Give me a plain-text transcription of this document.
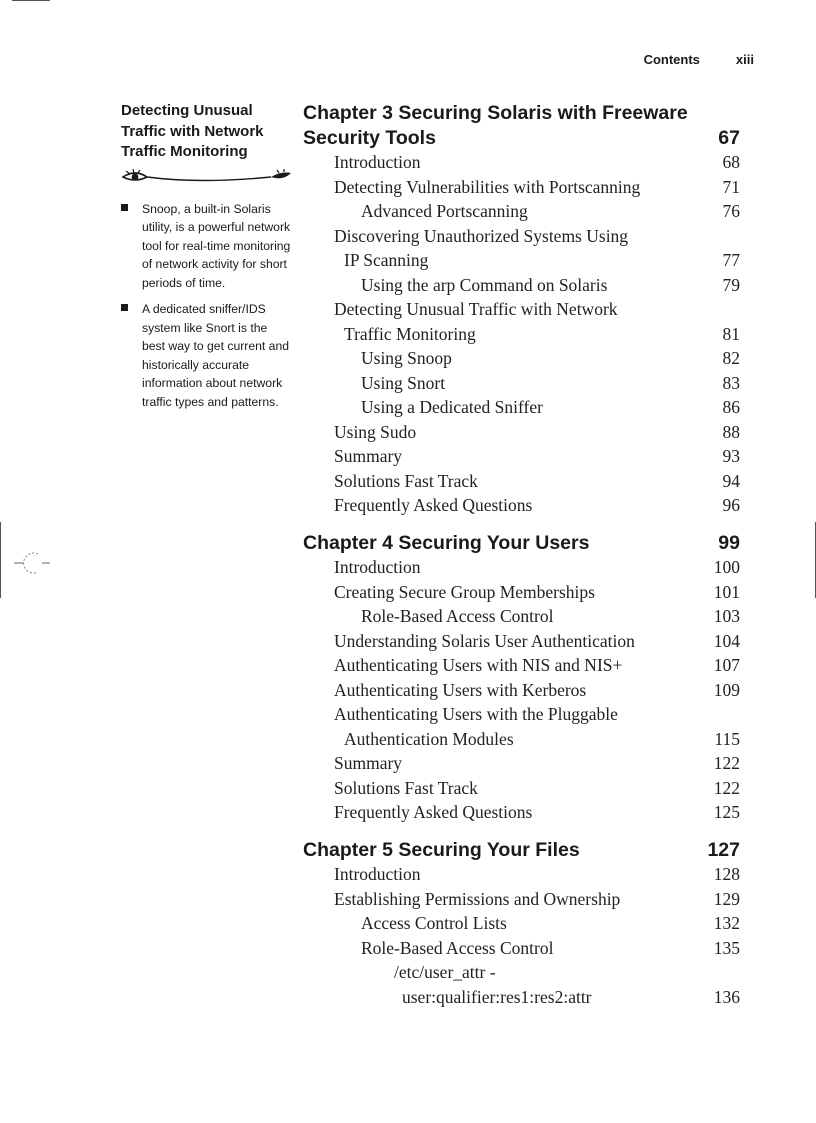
Contents	xiii
Detecting Unusual Traffic with Network Traffic Monitoring
Snoop, a built-in Solaris utility, is a powerful network tool for real-time monitoring of network activity for short periods of time.
A dedicated sniffer/IDS system like Snort is the best way to get current and historically accurate information about network traffic types and patterns.
Chapter 3 Securing Solaris with Freeware
Security Tools	67
Introduction	68
Detecting Vulnerabilities with Portscanning	71
Advanced Portscanning	76
Discovering Unauthorized Systems Using
IP Scanning	77
Using the arp Command on Solaris	79
Detecting Unusual Traffic with Network
Traffic Monitoring	81
Using Snoop	82
Using Snort	83
Using a Dedicated Sniffer	86
Using Sudo	88
Summary	93
Solutions Fast Track	94
Frequently Asked Questions	96
Chapter 4 Securing Your Users	99
Introduction	100
Creating Secure Group Memberships	101
Role-Based Access Control	103
Understanding Solaris User Authentication	104
Authenticating Users with NIS and NIS+	107
Authenticating Users with Kerberos	109
Authenticating Users with the Pluggable
Authentication Modules	115
Summary	122
Solutions Fast Track	122
Frequently Asked Questions	125
Chapter 5 Securing Your Files	127
Introduction	128
Establishing Permissions and Ownership	129
Access Control Lists	132
Role-Based Access Control	135
/etc/user_attr -
user:qualifier:res1:res2:attr	136
